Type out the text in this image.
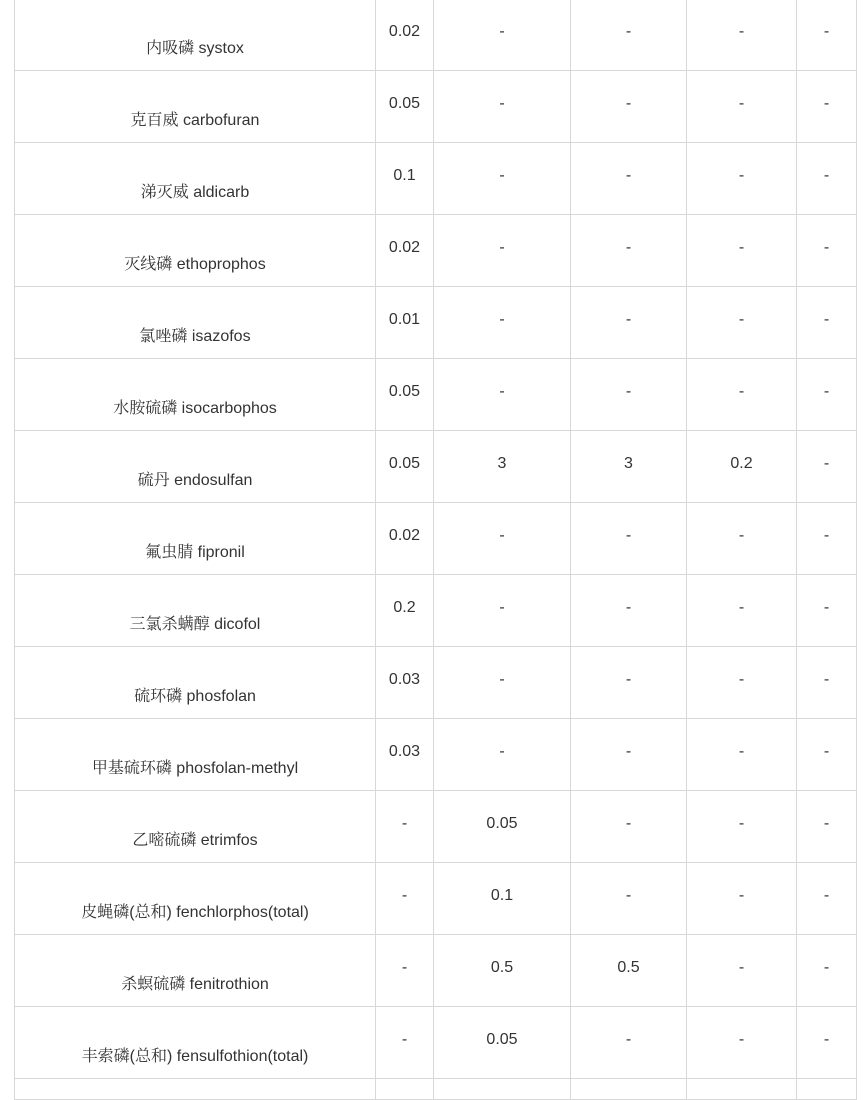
内吸磷 systox	0.02	-	-	-	-
克百威 carbofuran	0.05	-	-	-	-
涕灭威 aldicarb	0.1	-	-	-	-
灭线磷 ethoprophos	0.02	-	-	-	-
氯唑磷 isazofos	0.01	-	-	-	-
水胺硫磷 isocarbophos	0.05	-	-	-	-
硫丹 endosulfan	0.05	3	3	0.2	-
氟虫腈 fipronil	0.02	-	-	-	-
三氯杀螨醇 dicofol	0.2	-	-	-	-
硫环磷 phosfolan	0.03	-	-	-	-
甲基硫环磷 phosfolan-methyl	0.03	-	-	-	-
乙嘧硫磷 etrimfos	-	0.05	-	-	-
皮蝇磷(总和) fenchlorphos(total)	-	0.1	-	-	-
杀螟硫磷 fenitrothion	-	0.5	0.5	-	-
丰索磷(总和) fensulfothion(total)	-	0.05	-	-	-
